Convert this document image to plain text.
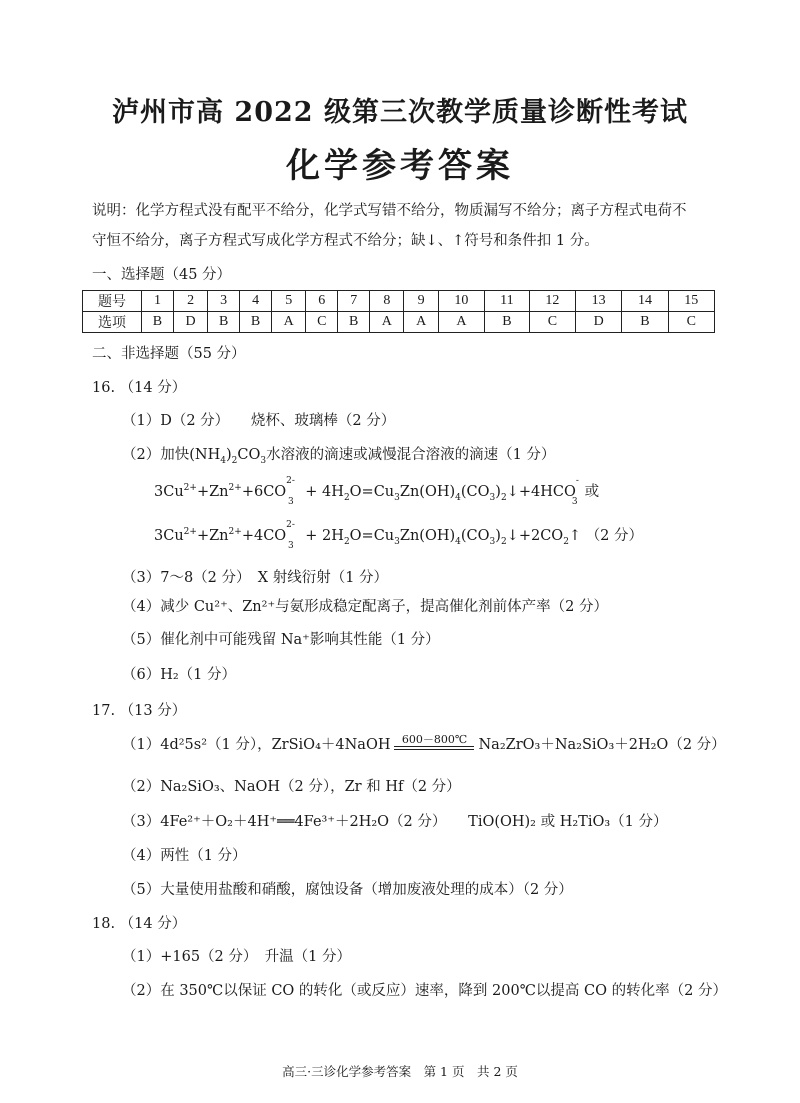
泸州市高 2022 级第三次教学质量诊断性考试
化学参考答案
说明：化学方程式没有配平不给分，化学式写错不给分，物质漏写不给分；离子方程式电荷不
守恒不给分，离子方程式写成化学方程式不给分；缺↓、↑符号和条件扣 1 分。
一、选择题（45 分）
题号	1	2	3	4	5	6	7	8	9	10	11	12	13	14	15
选项	B	D	B	B	A	C	B	A	A	A	B	C	D	B	C
二、非选择题（55 分）
16. （14 分）
（1）D（2 分）　　烧杯、玻璃棒（2 分）
（2）加快$(NH_4)_2CO_3$水溶液的滴速或减慢混合溶液的滴速（1 分）
$3Cu^{2+}+Zn^{2+}+6CO^{2-}_3$ + $4H_2O=Cu_3Zn(OH)_4(CO_3)_2↓+4HCO^-_3$或
$3Cu^{2+}+Zn^{2+}+4CO^{2-}_3$ + $2H_2O=Cu_3Zn(OH)_4(CO_3)_2↓+2CO_2↑$ （2 分）
（3）7～8（2 分）　X 射线衍射（1 分）
（4）减少 Cu²⁺、Zn²⁺与氨形成稳定配离子，提高催化剂前体产率（2 分）
（5）催化剂中可能残留 Na⁺影响其性能（1 分）
（6）H₂（1 分）
17. （13 分）
（1）4d²5s²（1 分），ZrSiO₄＋4NaOH	600－800℃ Na₂ZrO₃＋Na₂SiO₃＋2H₂O（2 分）
（2）Na₂SiO₃、NaOH（2 分），Zr 和 Hf（2 分）
（3）4Fe²⁺＋O₂＋4H⁺══4Fe³⁺＋2H₂O（2 分）　　TiO(OH)₂ 或 H₂TiO₃（1 分）
（4）两性（1 分）
（5）大量使用盐酸和硝酸，腐蚀设备（增加废液处理的成本）（2 分）
18. （14 分）
（1）+165（2 分）　升温（1 分）
（2）在 350℃以保证 CO 的转化（或反应）速率，降到 200℃以提高 CO 的转化率（2 分）
高三·三诊化学参考答案　第 1 页　共 2 页
